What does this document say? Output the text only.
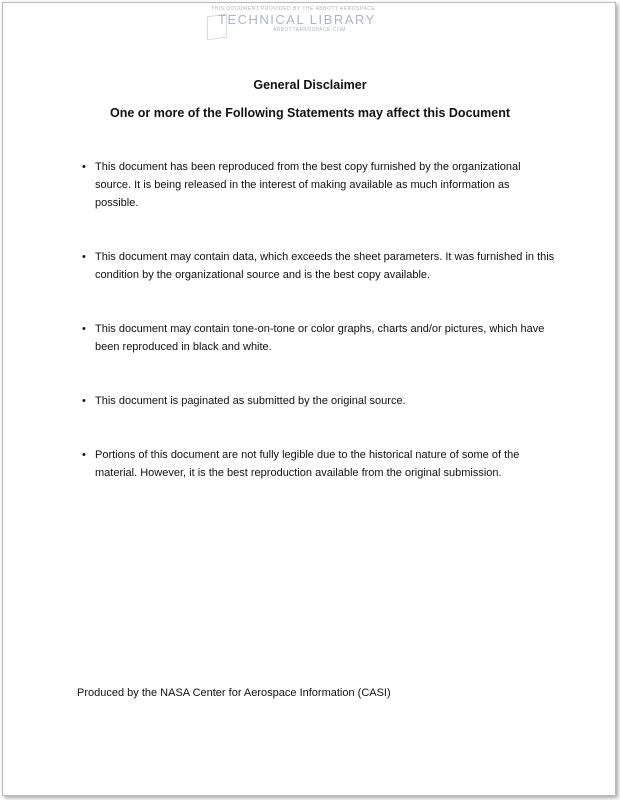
THIS DOCUMENT PROVIDED BY THE ABBOTT AEROSPACE
TECHNICAL LIBRARY
ABBOTTAEROSPACE.COM
General Disclaimer
One or more of the Following Statements may affect this Document
• This document has been reproduced from the best copy furnished by the organizational source. It is being released in the interest of making available as much information as possible.
• This document may contain data, which exceeds the sheet parameters. It was furnished in this condition by the organizational source and is the best copy available.
• This document may contain tone-on-tone or color graphs, charts and/or pictures, which have been reproduced in black and white.
• This document is paginated as submitted by the original source.
• Portions of this document are not fully legible due to the historical nature of some of the material. However, it is the best reproduction available from the original submission.
Produced by the NASA Center for Aerospace Information (CASI)
